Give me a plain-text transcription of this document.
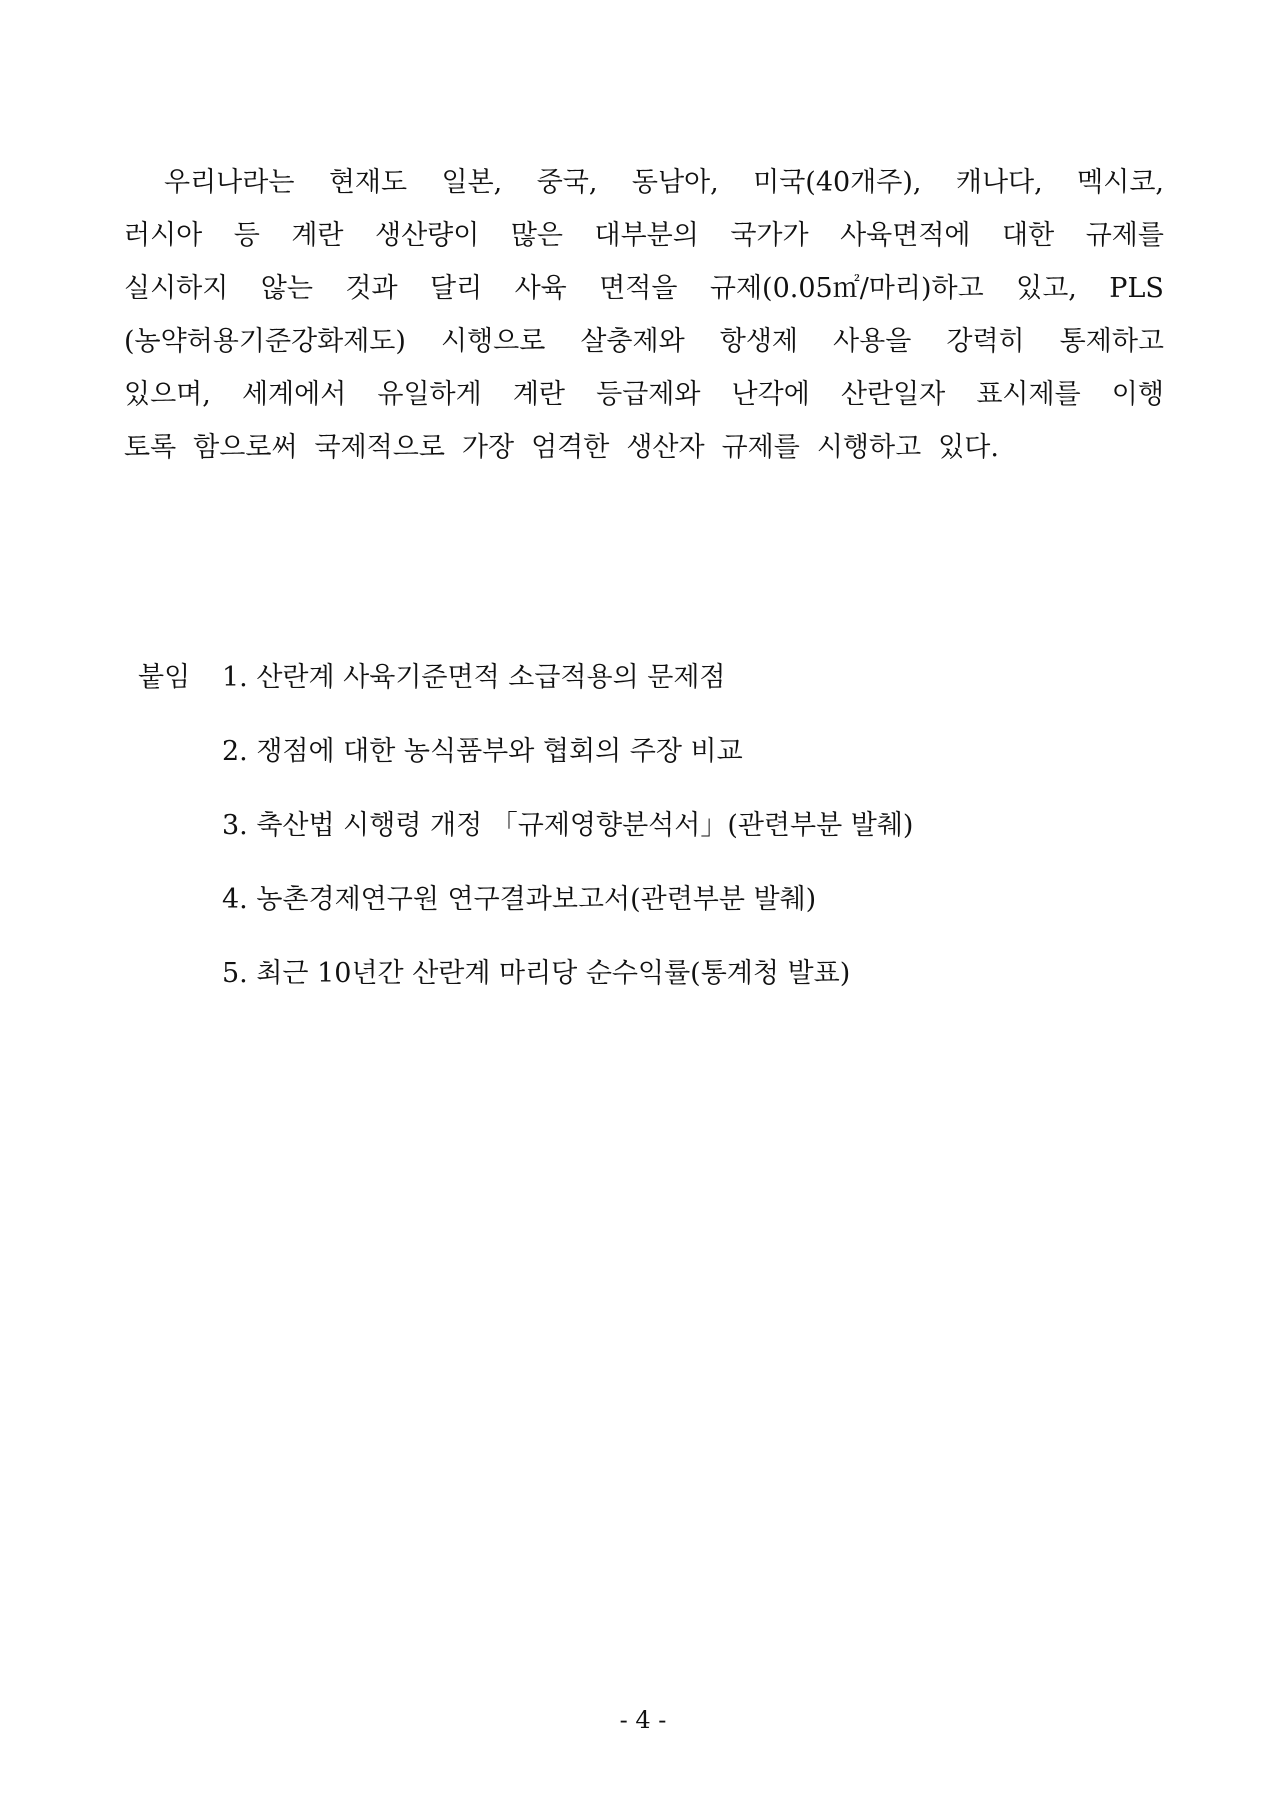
우리나라는 현재도 일본, 중국, 동남아, 미국(40개주), 캐나다, 멕시코,
러시아 등 계란 생산량이 많은 대부분의 국가가 사육면적에 대한 규제를
실시하지 않는 것과 달리 사육 면적을 규제(0.05㎡/마리)하고 있고, PLS
(농약허용기준강화제도) 시행으로 살충제와 항생제 사용을 강력히 통제하고
있으며, 세계에서 유일하게 계란 등급제와 난각에 산란일자 표시제를 이행
토록 함으로써 국제적으로 가장 엄격한 생산자 규제를 시행하고 있다.
붙임 1. 산란계 사육기준면적 소급적용의 문제점
2. 쟁점에 대한 농식품부와 협회의 주장 비교
3. 축산법 시행령 개정 「규제영향분석서」(관련부분 발췌)
4. 농촌경제연구원 연구결과보고서(관련부분 발췌)
5. 최근 10년간 산란계 마리당 순수익률(통계청 발표)
- 4 -
